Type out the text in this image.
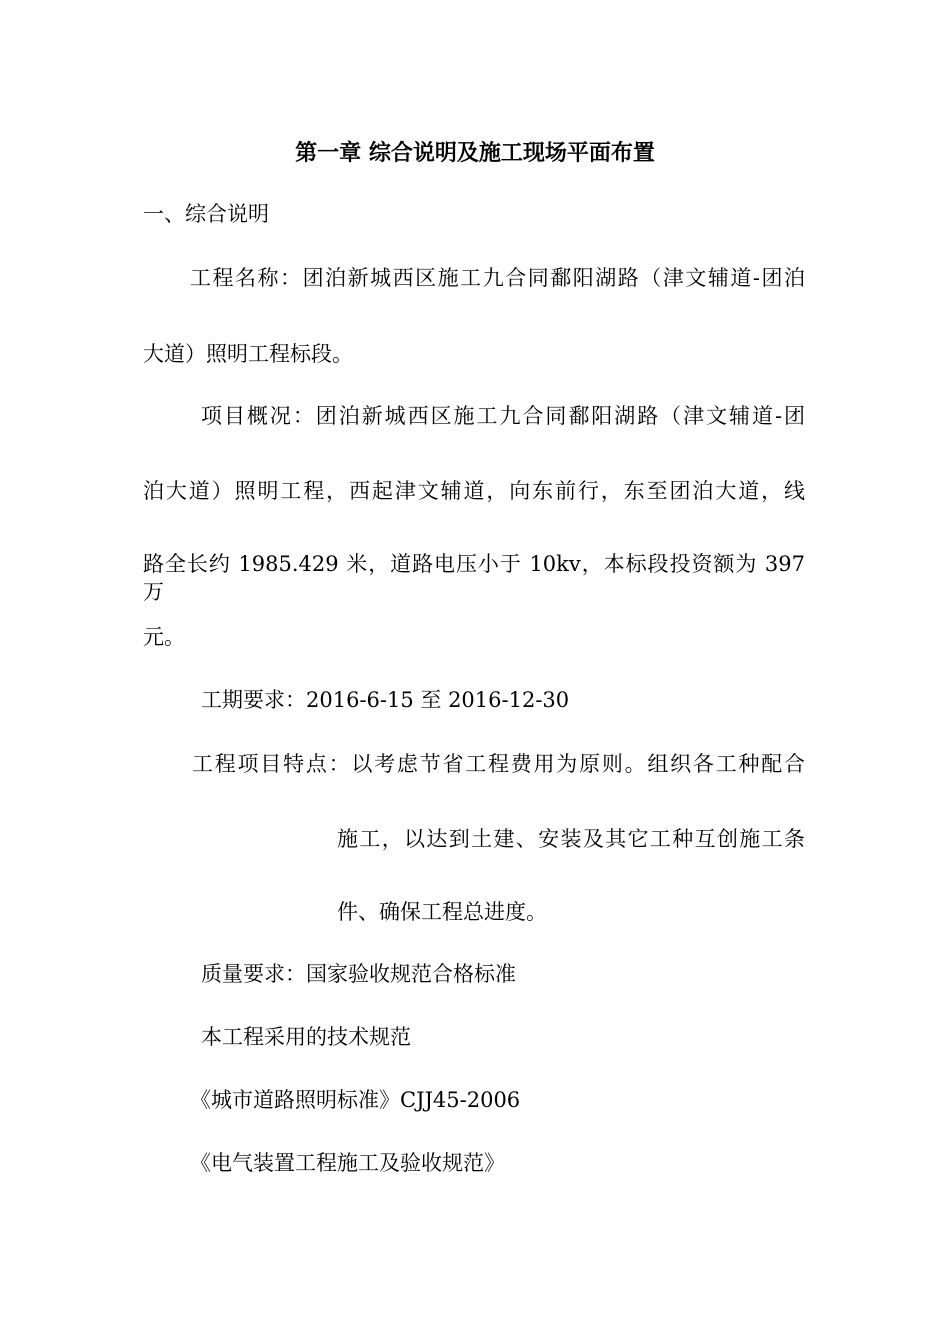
第一章 综合说明及施工现场平面布置
一、综合说明
工程名称：团泊新城西区施工九合同鄱阳湖路（津文辅道-团泊
大道）照明工程标段。
项目概况：团泊新城西区施工九合同鄱阳湖路（津文辅道-团
泊大道）照明工程，西起津文辅道，向东前行，东至团泊大道，线
路全长约 1985.429 米，道路电压小于 10kv，本标段投资额为 397 万
元。
工期要求：2016-6-15 至 2016-12-30
工程项目特点：以考虑节省工程费用为原则。组织各工种配合
施工，以达到土建、安装及其它工种互创施工条
件、确保工程总进度。
质量要求：国家验收规范合格标准
本工程采用的技术规范
《城市道路照明标准》CJJ45-2006
《电气装置工程施工及验收规范》
